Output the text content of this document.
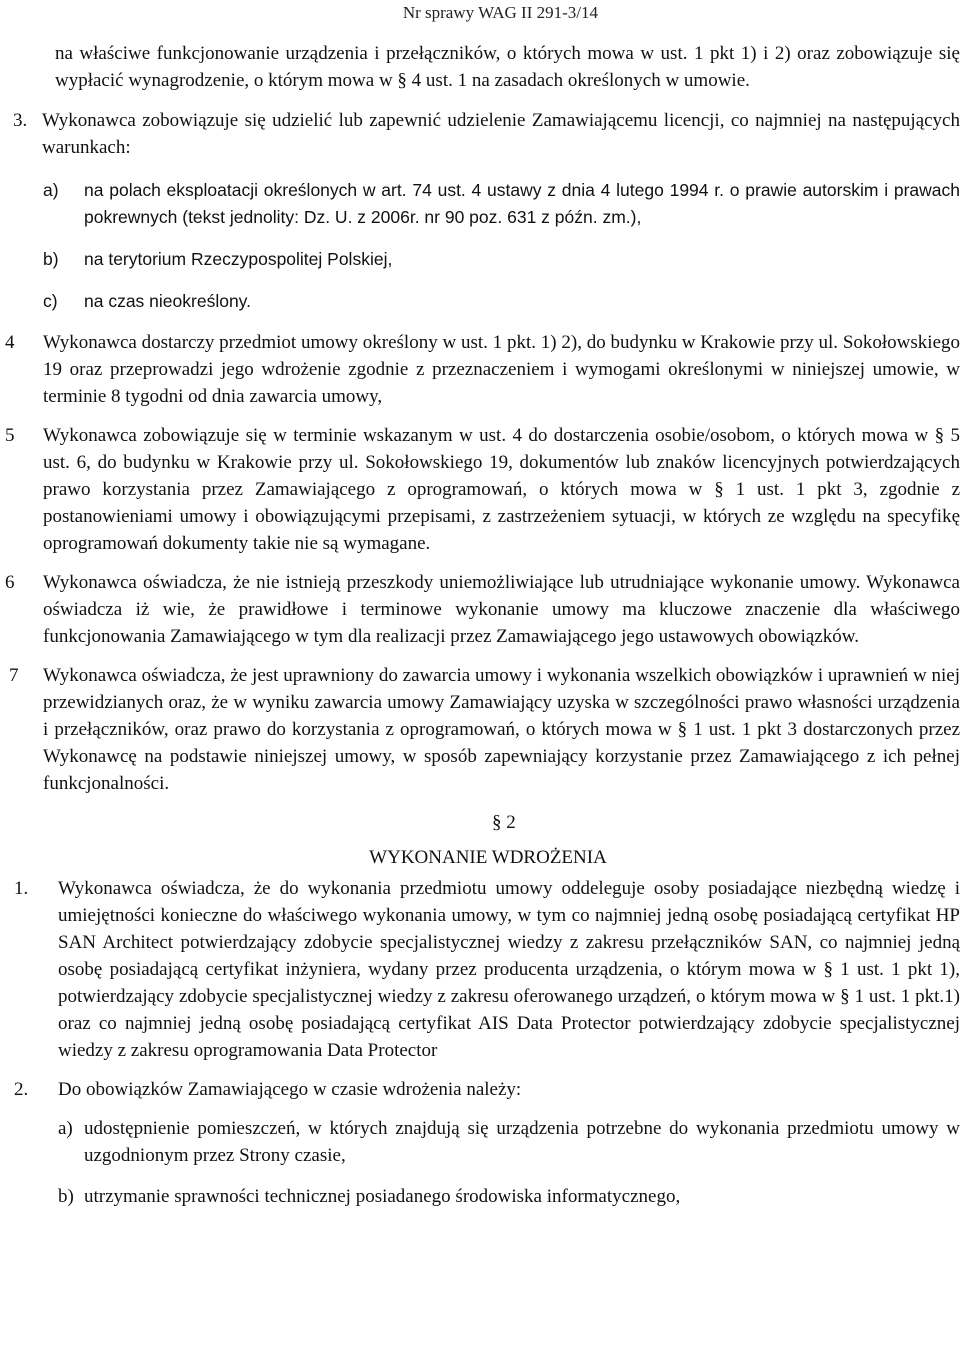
Nr sprawy WAG II 291-3/14
na właściwe funkcjonowanie urządzenia i przełączników, o których mowa w ust. 1 pkt 1) i 2) oraz zobowiązuje się wypłacić wynagrodzenie, o którym mowa w § 4 ust. 1 na zasadach określonych w umowie.
3. Wykonawca zobowiązuje się udzielić lub zapewnić udzielenie Zamawiającemu licencji, co najmniej na następujących warunkach:
a) na polach eksploatacji określonych w art. 74 ust. 4 ustawy z dnia 4 lutego 1994 r. o prawie autorskim i prawach pokrewnych (tekst jednolity: Dz. U. z 2006r. nr 90 poz. 631 z późn. zm.),
b) na terytorium Rzeczypospolitej Polskiej,
c) na czas nieokreślony.
4 Wykonawca dostarczy przedmiot umowy określony w ust. 1 pkt. 1) 2), do budynku w Krakowie przy ul. Sokołowskiego 19 oraz przeprowadzi jego wdrożenie zgodnie z przeznaczeniem i wymogami określonymi w niniejszej umowie, w terminie 8 tygodni od dnia zawarcia umowy,
5 Wykonawca zobowiązuje się w terminie wskazanym w ust. 4 do dostarczenia osobie/osobom, o których mowa w § 5 ust. 6, do budynku w Krakowie przy ul. Sokołowskiego 19, dokumentów lub znaków licencyjnych potwierdzających prawo korzystania przez Zamawiającego z oprogramowań, o których mowa w § 1 ust. 1 pkt 3, zgodnie z postanowieniami umowy i obowiązującymi przepisami, z zastrzeżeniem sytuacji, w których ze względu na specyfikę oprogramowań dokumenty takie nie są wymagane.
6 Wykonawca oświadcza, że nie istnieją przeszkody uniemożliwiające lub utrudniające wykonanie umowy. Wykonawca oświadcza iż wie, że prawidłowe i terminowe wykonanie umowy ma kluczowe znaczenie dla właściwego funkcjonowania Zamawiającego w tym dla realizacji przez Zamawiającego jego ustawowych obowiązków.
7 Wykonawca oświadcza, że jest uprawniony do zawarcia umowy i wykonania wszelkich obowiązków i uprawnień w niej przewidzianych oraz, że w wyniku zawarcia umowy Zamawiający uzyska w szczególności prawo własności urządzenia i przełączników, oraz prawo do korzystania z oprogramowań, o których mowa w § 1 ust. 1 pkt 3 dostarczonych przez Wykonawcę na podstawie niniejszej umowy, w sposób zapewniający korzystanie przez Zamawiającego z ich pełnej funkcjonalności.
§ 2
WYKONANIE WDROŻENIA
1. Wykonawca oświadcza, że do wykonania przedmiotu umowy oddeleguje osoby posiadające niezbędną wiedzę i umiejętności konieczne do właściwego wykonania umowy, w tym co najmniej jedną osobę posiadającą certyfikat HP SAN Architect potwierdzający zdobycie specjalistycznej wiedzy z zakresu przełączników SAN, co najmniej jedną osobę posiadającą certyfikat inżyniera, wydany przez producenta urządzenia, o którym mowa w § 1 ust. 1 pkt 1), potwierdzający zdobycie specjalistycznej wiedzy z zakresu oferowanego urządzeń, o którym mowa w § 1 ust. 1 pkt.1) oraz co najmniej jedną osobę posiadającą certyfikat AIS Data Protector potwierdzający zdobycie specjalistycznej wiedzy z zakresu oprogramowania Data Protector
2. Do obowiązków Zamawiającego w czasie wdrożenia należy:
a) udostępnienie pomieszczeń, w których znajdują się urządzenia potrzebne do wykonania przedmiotu umowy w uzgodnionym przez Strony czasie,
b) utrzymanie sprawności technicznej posiadanego środowiska informatycznego,
